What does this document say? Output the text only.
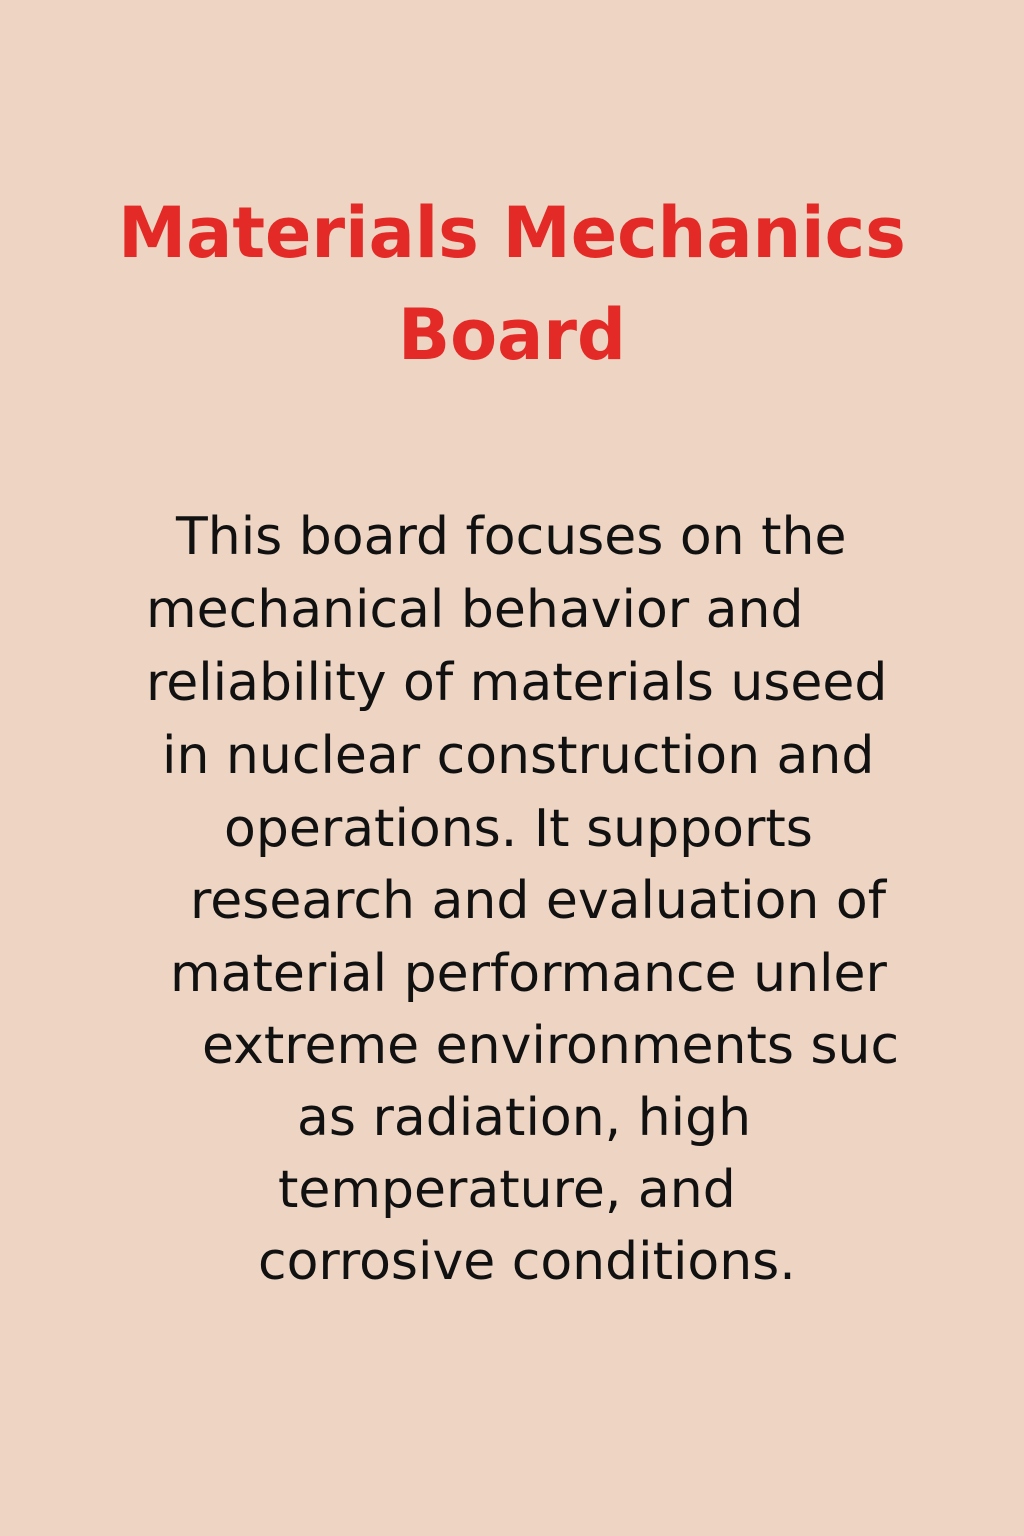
Materials Mechanics
Board
This board focuses on the
mechanical behavior and
reliability of materials useed
in nuclear construction and
operations. It supports
research and evaluation of
material performance unler
extreme environments suc
as radiation, high
temperature, and
corrosive conditions.
